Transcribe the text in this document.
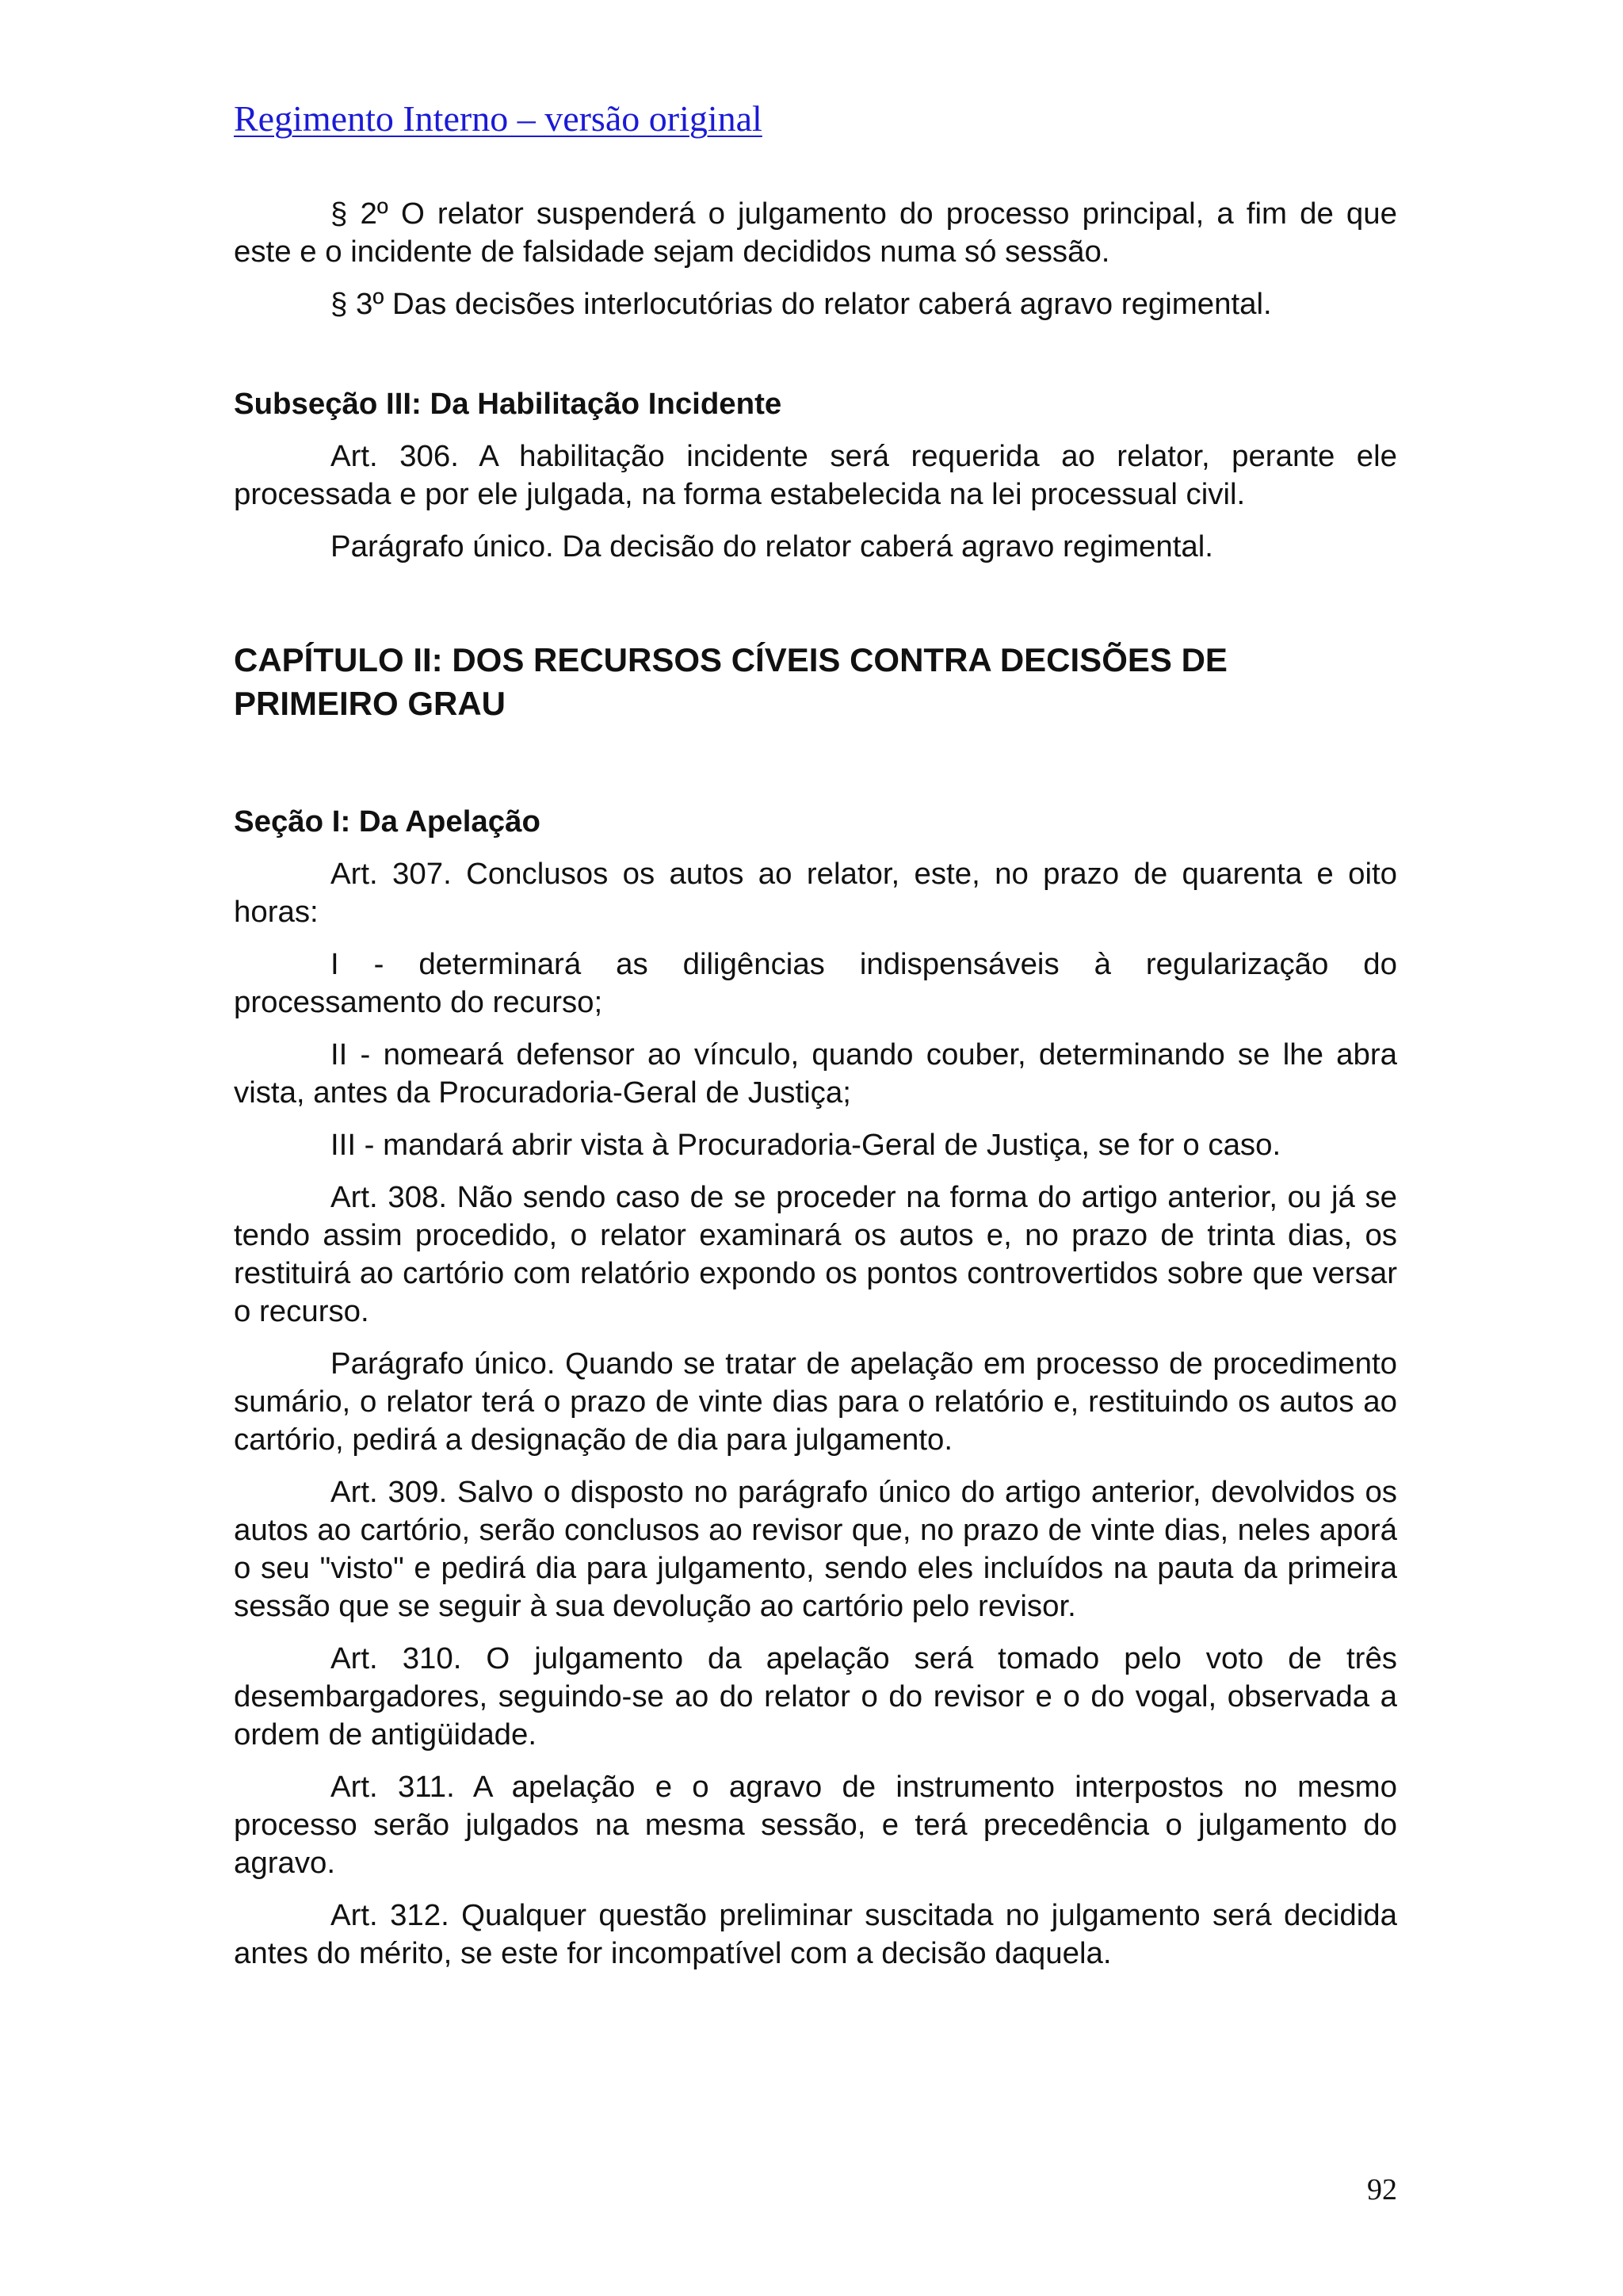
Regimento Interno – versão original

§ 2º O relator suspenderá o julgamento do processo principal, a fim de que este e o incidente de falsidade sejam decididos numa só sessão.

§ 3º Das decisões interlocutórias do relator caberá agravo regimental.

Subseção III: Da Habilitação Incidente

Art. 306. A habilitação incidente será requerida ao relator, perante ele processada e por ele julgada, na forma estabelecida na lei processual civil.

Parágrafo único. Da decisão do relator caberá agravo regimental.

CAPÍTULO II: DOS RECURSOS CÍVEIS CONTRA DECISÕES DE
PRIMEIRO GRAU

Seção I: Da Apelação

Art. 307. Conclusos os autos ao relator, este, no prazo de quarenta e oito horas:

I - determinará as diligências indispensáveis à regularização do processamento do recurso;

II - nomeará defensor ao vínculo, quando couber, determinando se lhe abra vista, antes da Procuradoria-Geral de Justiça;

III - mandará abrir vista à Procuradoria-Geral de Justiça, se for o caso.

Art. 308. Não sendo caso de se proceder na forma do artigo anterior, ou já se tendo assim procedido, o relator examinará os autos e, no prazo de trinta dias, os restituirá ao cartório com relatório expondo os pontos controvertidos sobre que versar o recurso.

Parágrafo único. Quando se tratar de apelação em processo de procedimento sumário, o relator terá o prazo de vinte dias para o relatório e, restituindo os autos ao cartório, pedirá a designação de dia para julgamento.

Art. 309. Salvo o disposto no parágrafo único do artigo anterior, devolvidos os autos ao cartório, serão conclusos ao revisor que, no prazo de vinte dias, neles aporá o seu "visto" e pedirá dia para julgamento, sendo eles incluídos na pauta da primeira sessão que se seguir à sua devolução ao cartório pelo revisor.

Art. 310. O julgamento da apelação será tomado pelo voto de três desembargadores, seguindo-se ao do relator o do revisor e o do vogal, observada a ordem de antigüidade.

Art. 311. A apelação e o agravo de instrumento interpostos no mesmo processo serão julgados na mesma sessão, e terá precedência o julgamento do agravo.

Art. 312. Qualquer questão preliminar suscitada no julgamento será decidida antes do mérito, se este for incompatível com a decisão daquela.

92
